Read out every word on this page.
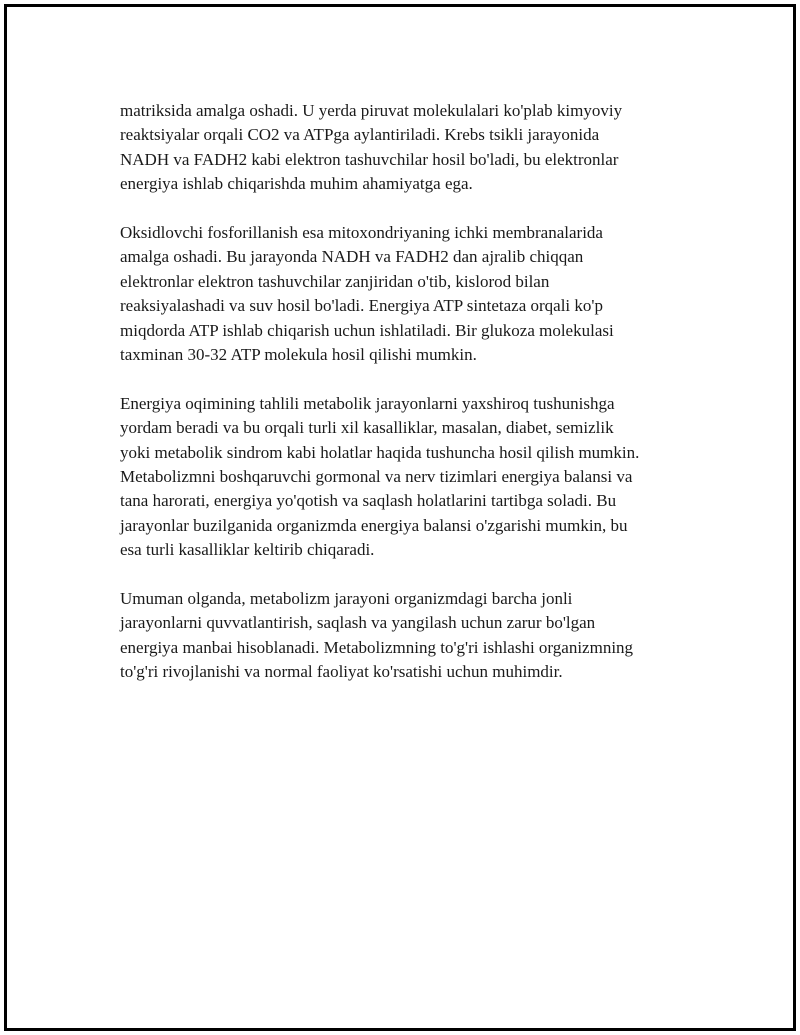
matriksida amalga oshadi. U yerda piruvat molekulalari ko'plab kimyoviy
reaktsiyalar orqali CO2 va ATPga aylantiriladi. Krebs tsikli jarayonida
NADH va FADH2 kabi elektron tashuvchilar hosil bo'ladi, bu elektronlar
energiya ishlab chiqarishda muhim ahamiyatga ega.

Oksidlovchi fosforillanish esa mitoxondriyaning ichki membranalarida
amalga oshadi. Bu jarayonda NADH va FADH2 dan ajralib chiqqan
elektronlar elektron tashuvchilar zanjiridan o'tib, kislorod bilan
reaksiyalashadi va suv hosil bo'ladi. Energiya ATP sintetaza orqali ko'p
miqdorda ATP ishlab chiqarish uchun ishlatiladi. Bir glukoza molekulasi
taxminan 30-32 ATP molekula hosil qilishi mumkin.

Energiya oqimining tahlili metabolik jarayonlarni yaxshiroq tushunishga
yordam beradi va bu orqali turli xil kasalliklar, masalan, diabet, semizlik
yoki metabolik sindrom kabi holatlar haqida tushuncha hosil qilish mumkin.
Metabolizmni boshqaruvchi gormonal va nerv tizimlari energiya balansi va
tana harorati, energiya yo'qotish va saqlash holatlarini tartibga soladi. Bu
jarayonlar buzilganida organizmda energiya balansi o'zgarishi mumkin, bu
esa turli kasalliklar keltirib chiqaradi.

Umuman olganda, metabolizm jarayoni organizmdagi barcha jonli
jarayonlarni quvvatlantirish, saqlash va yangilash uchun zarur bo'lgan
energiya manbai hisoblanadi. Metabolizmning to'g'ri ishlashi organizmning
to'g'ri rivojlanishi va normal faoliyat ko'rsatishi uchun muhimdir.
